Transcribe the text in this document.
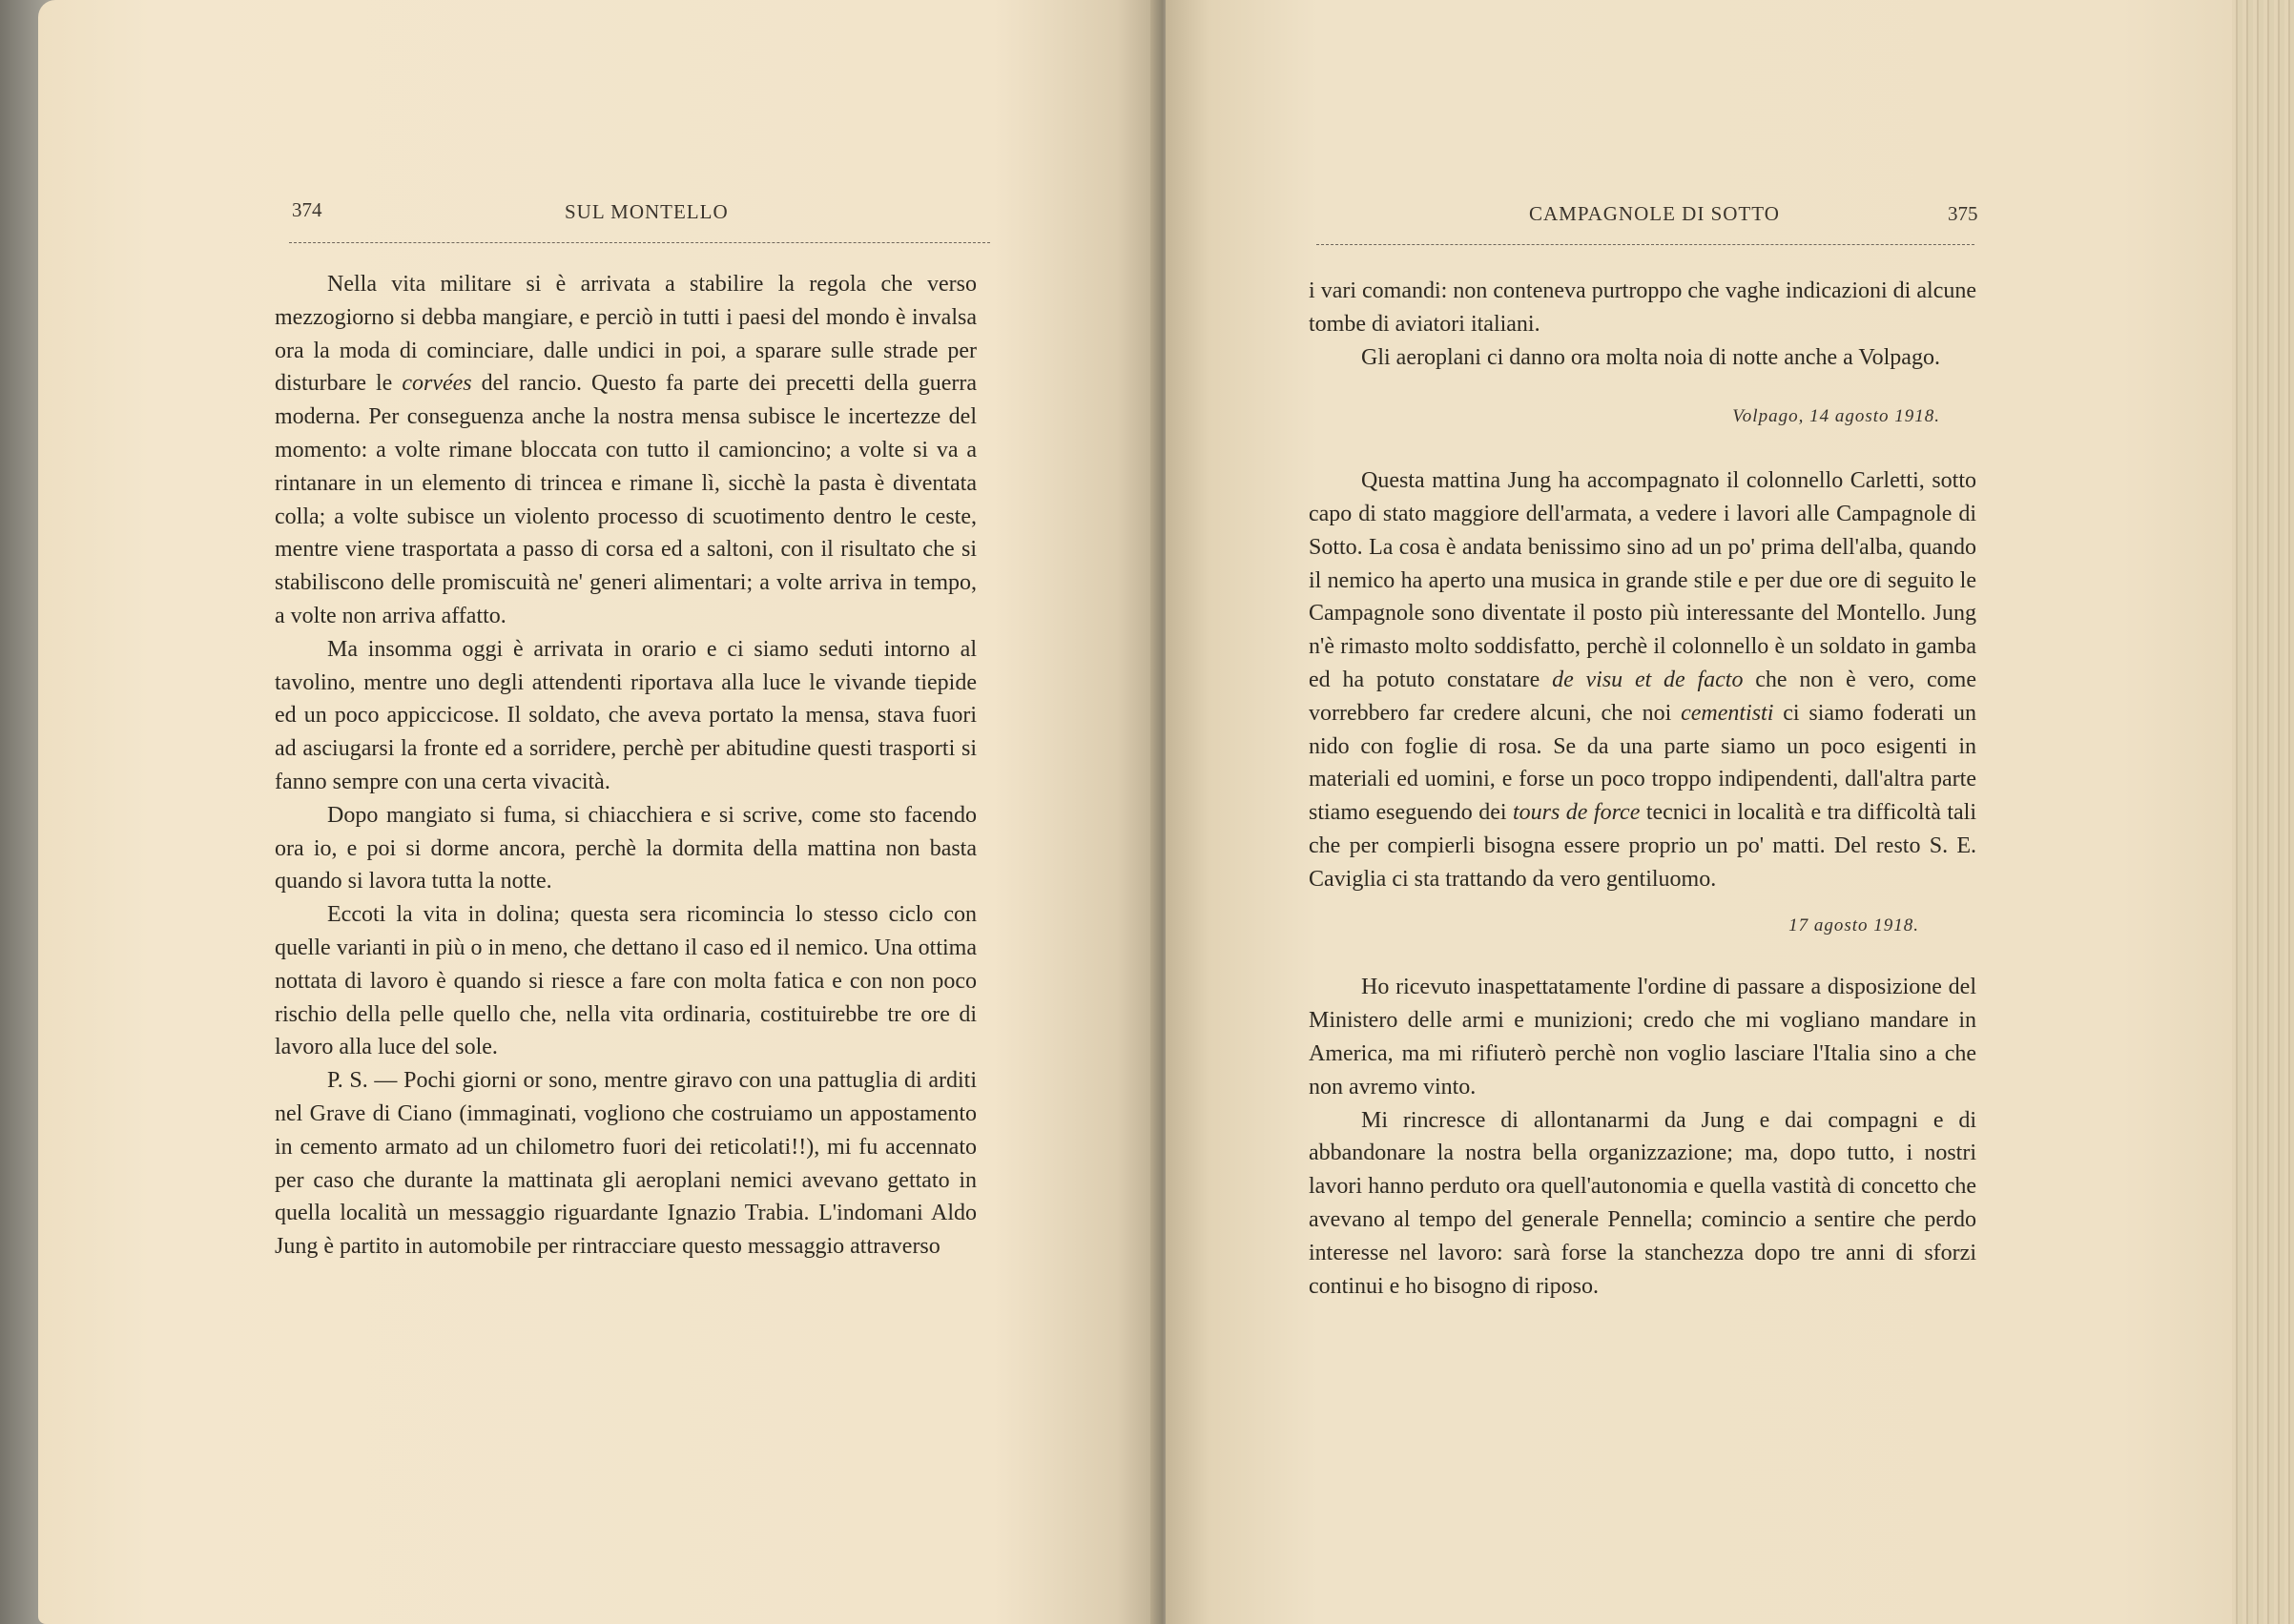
374	SUL MONTELLO

Nella vita militare si è arrivata a stabilire la regola che verso mezzogiorno si debba mangiare, e perciò in tutti i paesi del mondo è invalsa ora la moda di cominciare, dalle undici in poi, a sparare sulle strade per disturbare le corvées del rancio. Questo fa parte dei precetti della guerra moderna. Per conseguenza anche la nostra mensa subisce le incertezze del momento: a volte rimane bloccata con tutto il camioncino; a volte si va a rintanare in un elemento di trincea e rimane lì, sicchè la pasta è diventata colla; a volte subisce un violento processo di scuotimento dentro le ceste, mentre viene trasportata a passo di corsa ed a saltoni, con il risultato che si stabiliscono delle promiscuità ne' generi alimentari; a volte arriva in tempo, a volte non arriva affatto.

Ma insomma oggi è arrivata in orario e ci siamo seduti intorno al tavolino, mentre uno degli attendenti riportava alla luce le vivande tiepide ed un poco appiccicose. Il soldato, che aveva portato la mensa, stava fuori ad asciugarsi la fronte ed a sorridere, perchè per abitudine questi trasporti si fanno sempre con una certa vivacità.

Dopo mangiato si fuma, si chiacchiera e si scrive, come sto facendo ora io, e poi si dorme ancora, perchè la dormita della mattina non basta quando si lavora tutta la notte.

Eccoti la vita in dolina; questa sera ricomincia lo stesso ciclo con quelle varianti in più o in meno, che dettano il caso ed il nemico. Una ottima nottata di lavoro è quando si riesce a fare con molta fatica e con non poco rischio della pelle quello che, nella vita ordinaria, costituirebbe tre ore di lavoro alla luce del sole.

P. S. — Pochi giorni or sono, mentre giravo con una pattuglia di arditi nel Grave di Ciano (immaginati, vogliono che costruiamo un appostamento in cemento armato ad un chilometro fuori dei reticolati!!), mi fu accennato per caso che durante la mattinata gli aeroplani nemici avevano gettato in quella località un messaggio riguardante Ignazio Trabia. L'indomani Aldo Jung è partito in automobile per rintracciare questo messaggio attraverso

CAMPAGNOLE DI SOTTO	375

i vari comandi: non conteneva purtroppo che vaghe indicazioni di alcune tombe di aviatori italiani.

Gli aeroplani ci danno ora molta noia di notte anche a Volpago.

Volpago, 14 agosto 1918.

Questa mattina Jung ha accompagnato il colonnello Carletti, sotto capo di stato maggiore dell'armata, a vedere i lavori alle Campagnole di Sotto. La cosa è andata benissimo sino ad un po' prima dell'alba, quando il nemico ha aperto una musica in grande stile e per due ore di seguito le Campagnole sono diventate il posto più interessante del Montello. Jung n'è rimasto molto soddisfatto, perchè il colonnello è un soldato in gamba ed ha potuto constatare de visu et de facto che non è vero, come vorrebbero far credere alcuni, che noi cementisti ci siamo foderati un nido con foglie di rosa. Se da una parte siamo un poco esigenti in materiali ed uomini, e forse un poco troppo indipendenti, dall'altra parte stiamo eseguendo dei tours de force tecnici in località e tra difficoltà tali che per compierli bisogna essere proprio un po' matti. Del resto S. E. Caviglia ci sta trattando da vero gentiluomo.

17 agosto 1918.

Ho ricevuto inaspettatamente l'ordine di passare a disposizione del Ministero delle armi e munizioni; credo che mi vogliano mandare in America, ma mi rifiuterò perchè non voglio lasciare l'Italia sino a che non avremo vinto.

Mi rincresce di allontanarmi da Jung e dai compagni e di abbandonare la nostra bella organizzazione; ma, dopo tutto, i nostri lavori hanno perduto ora quell'autonomia e quella vastità di concetto che avevano al tempo del generale Pennella; comincio a sentire che perdo interesse nel lavoro: sarà forse la stanchezza dopo tre anni di sforzi continui e ho bisogno di riposo.
